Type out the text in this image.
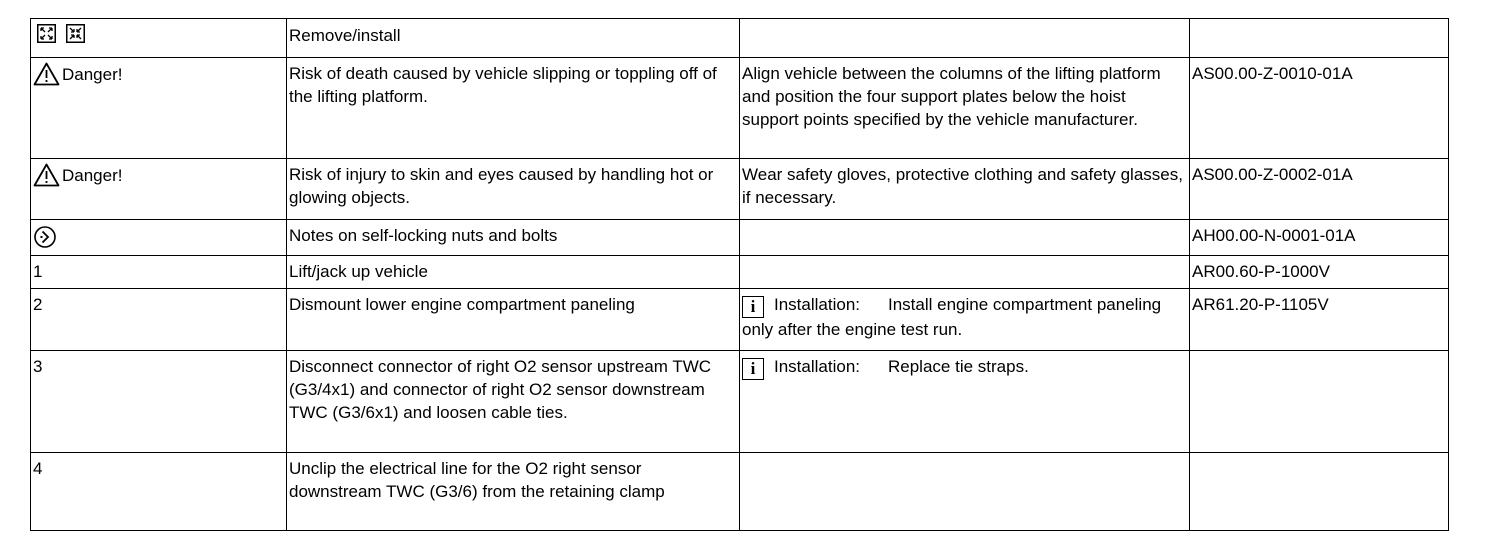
	Remove/install		

Danger!	Risk of death caused by vehicle slipping or toppling off of the lifting platform.	Align vehicle between the columns of the lifting platform and position the four support plates below the hoist support points specified by the vehicle manufacturer.	AS00.00-Z-0010-01A

Danger!	Risk of injury to skin and eyes caused by handling hot or glowing objects.	Wear safety gloves, protective clothing and safety glasses, if necessary.	AS00.00-Z-0002-01A
	Notes on self-locking nuts and bolts		AH00.00-N-0001-01A
1	Lift/jack up vehicle		AR00.60-P-1000V
2	Dismount lower engine compartment paneling	i Installation: Install engine compartment paneling only after the engine test run.	AR61.20-P-1105V
3	Disconnect connector of right O2 sensor upstream TWC (G3/4x1) and connector of right O2 sensor downstream TWC (G3/6x1) and loosen cable ties.	i Installation: Replace tie straps.	
4	Unclip the electrical line for the O2 right sensor downstream TWC (G3/6) from the retaining clamp		
